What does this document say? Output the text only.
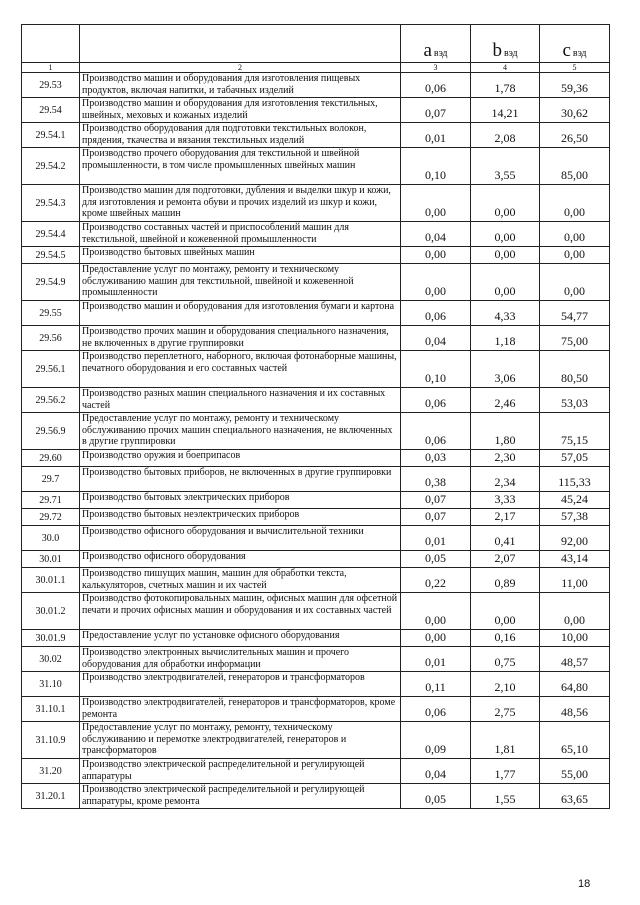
		a вэд	b вэд	c вэд
1	2	3	4	5
29.53	Производство машин и оборудования для изготовления пищевых продуктов, включая напитки, и табачных изделий	0,06	1,78	59,36
29.54	Производство машин и оборудования для изготовления текстильных, швейных, меховых и кожаных изделий	0,07	14,21	30,62
29.54.1	Производство оборудования для подготовки текстильных волокон, прядения, ткачества и вязания текстильных изделий	0,01	2,08	26,50
29.54.2	Производство прочего оборудования для текстильной и швейной промышленности, в том числе промышленных швейных машин	0,10	3,55	85,00
29.54.3	Производство машин для подготовки, дубления и выделки шкур и кожи, для изготовления и ремонта обуви и прочих изделий из шкур и кожи, кроме швейных машин	0,00	0,00	0,00
29.54.4	Производство составных частей и приспособлений машин для текстильной, швейной и кожевенной промышленности	0,04	0,00	0,00
29.54.5	Производство бытовых швейных машин	0,00	0,00	0,00
29.54.9	Предоставление услуг по монтажу, ремонту и техническому обслуживанию машин для текстильной, швейной и кожевенной промышленности	0,00	0,00	0,00
29.55	Производство машин и оборудования для изготовления бумаги и картона	0,06	4,33	54,77
29.56	Производство прочих машин и оборудования специального назначения, не включенных в другие группировки	0,04	1,18	75,00
29.56.1	Производство переплетного, наборного, включая фотонаборные машины, печатного оборудования и его составных частей	0,10	3,06	80,50
29.56.2	Производство разных машин специального назначения и их составных частей	0,06	2,46	53,03
29.56.9	Предоставление услуг по монтажу, ремонту и техническому обслуживанию прочих машин специального назначения, не включенных в другие группировки	0,06	1,80	75,15
29.60	Производство оружия и боеприпасов	0,03	2,30	57,05
29.7	Производство бытовых приборов, не включенных в другие группировки	0,38	2,34	115,33
29.71	Производство бытовых электрических приборов	0,07	3,33	45,24
29.72	Производство бытовых неэлектрических приборов	0,07	2,17	57,38
30.0	Производство офисного оборудования и вычислительной техники	0,01	0,41	92,00
30.01	Производство офисного оборудования	0,05	2,07	43,14
30.01.1	Производство пишущих машин, машин для обработки текста, калькуляторов, счетных машин и их частей	0,22	0,89	11,00
30.01.2	Производство фотокопировальных машин, офисных машин для офсетной печати и прочих офисных машин и оборудования и их составных частей	0,00	0,00	0,00
30.01.9	Предоставление услуг по установке офисного оборудования	0,00	0,16	10,00
30.02	Производство электронных вычислительных машин и прочего оборудования для обработки информации	0,01	0,75	48,57
31.10	Производство электродвигателей, генераторов и трансформаторов	0,11	2,10	64,80
31.10.1	Производство электродвигателей, генераторов и трансформаторов, кроме ремонта	0,06	2,75	48,56
31.10.9	Предоставление услуг по монтажу, ремонту, техническому обслуживанию и перемотке электродвигателей, генераторов и трансформаторов	0,09	1,81	65,10
31.20	Производство электрической распределительной и регулирующей аппаратуры	0,04	1,77	55,00
31.20.1	Производство электрической распределительной и регулирующей аппаратуры, кроме ремонта	0,05	1,55	63,65
18
